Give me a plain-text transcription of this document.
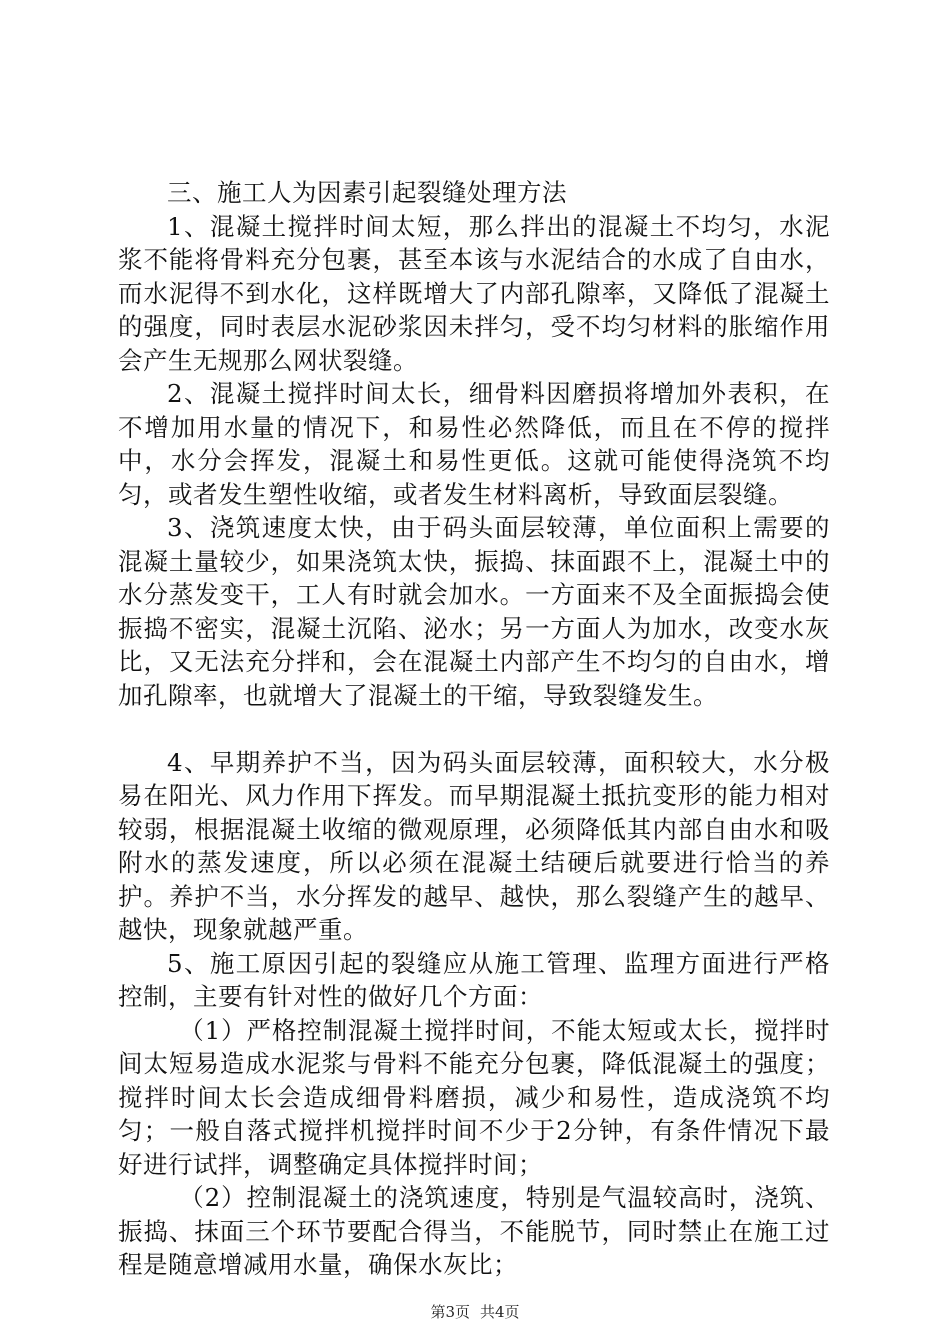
三、施工人为因素引起裂缝处理方法

1、混凝土搅拌时间太短，那么拌出的混凝土不均匀，水泥浆不能将骨料充分包裹，甚至本该与水泥结合的水成了自由水，而水泥得不到水化，这样既增大了内部孔隙率，又降低了混凝土的强度，同时表层水泥砂浆因未拌匀，受不均匀材料的胀缩作用会产生无规那么网状裂缝。

2、混凝土搅拌时间太长，细骨料因磨损将增加外表积，在不增加用水量的情况下，和易性必然降低，而且在不停的搅拌中，水分会挥发，混凝土和易性更低。这就可能使得浇筑不均匀，或者发生塑性收缩，或者发生材料离析，导致面层裂缝。

3、浇筑速度太快，由于码头面层较薄，单位面积上需要的混凝土量较少，如果浇筑太快，振捣、抹面跟不上，混凝土中的水分蒸发变干，工人有时就会加水。一方面来不及全面振捣会使振捣不密实，混凝土沉陷、泌水；另一方面人为加水，改变水灰比，又无法充分拌和，会在混凝土内部产生不均匀的自由水，增加孔隙率，也就增大了混凝土的干缩，导致裂缝发生。

4、早期养护不当，因为码头面层较薄，面积较大，水分极易在阳光、风力作用下挥发。而早期混凝土抵抗变形的能力相对较弱，根据混凝土收缩的微观原理，必须降低其内部自由水和吸附水的蒸发速度，所以必须在混凝土结硬后就要进行恰当的养护。养护不当，水分挥发的越早、越快，那么裂缝产生的越早、越快，现象就越严重。

5、施工原因引起的裂缝应从施工管理、监理方面进行严格控制，主要有针对性的做好几个方面：

（1）严格控制混凝土搅拌时间，不能太短或太长，搅拌时间太短易造成水泥浆与骨料不能充分包裹，降低混凝土的强度；搅拌时间太长会造成细骨料磨损，减少和易性，造成浇筑不均匀；一般自落式搅拌机搅拌时间不少于2分钟，有条件情况下最好进行试拌，调整确定具体搅拌时间；

（2）控制混凝土的浇筑速度，特别是气温较高时，浇筑、振捣、抹面三个环节要配合得当，不能脱节，同时禁止在施工过程是随意增减用水量，确保水灰比；

第3页 共4页
